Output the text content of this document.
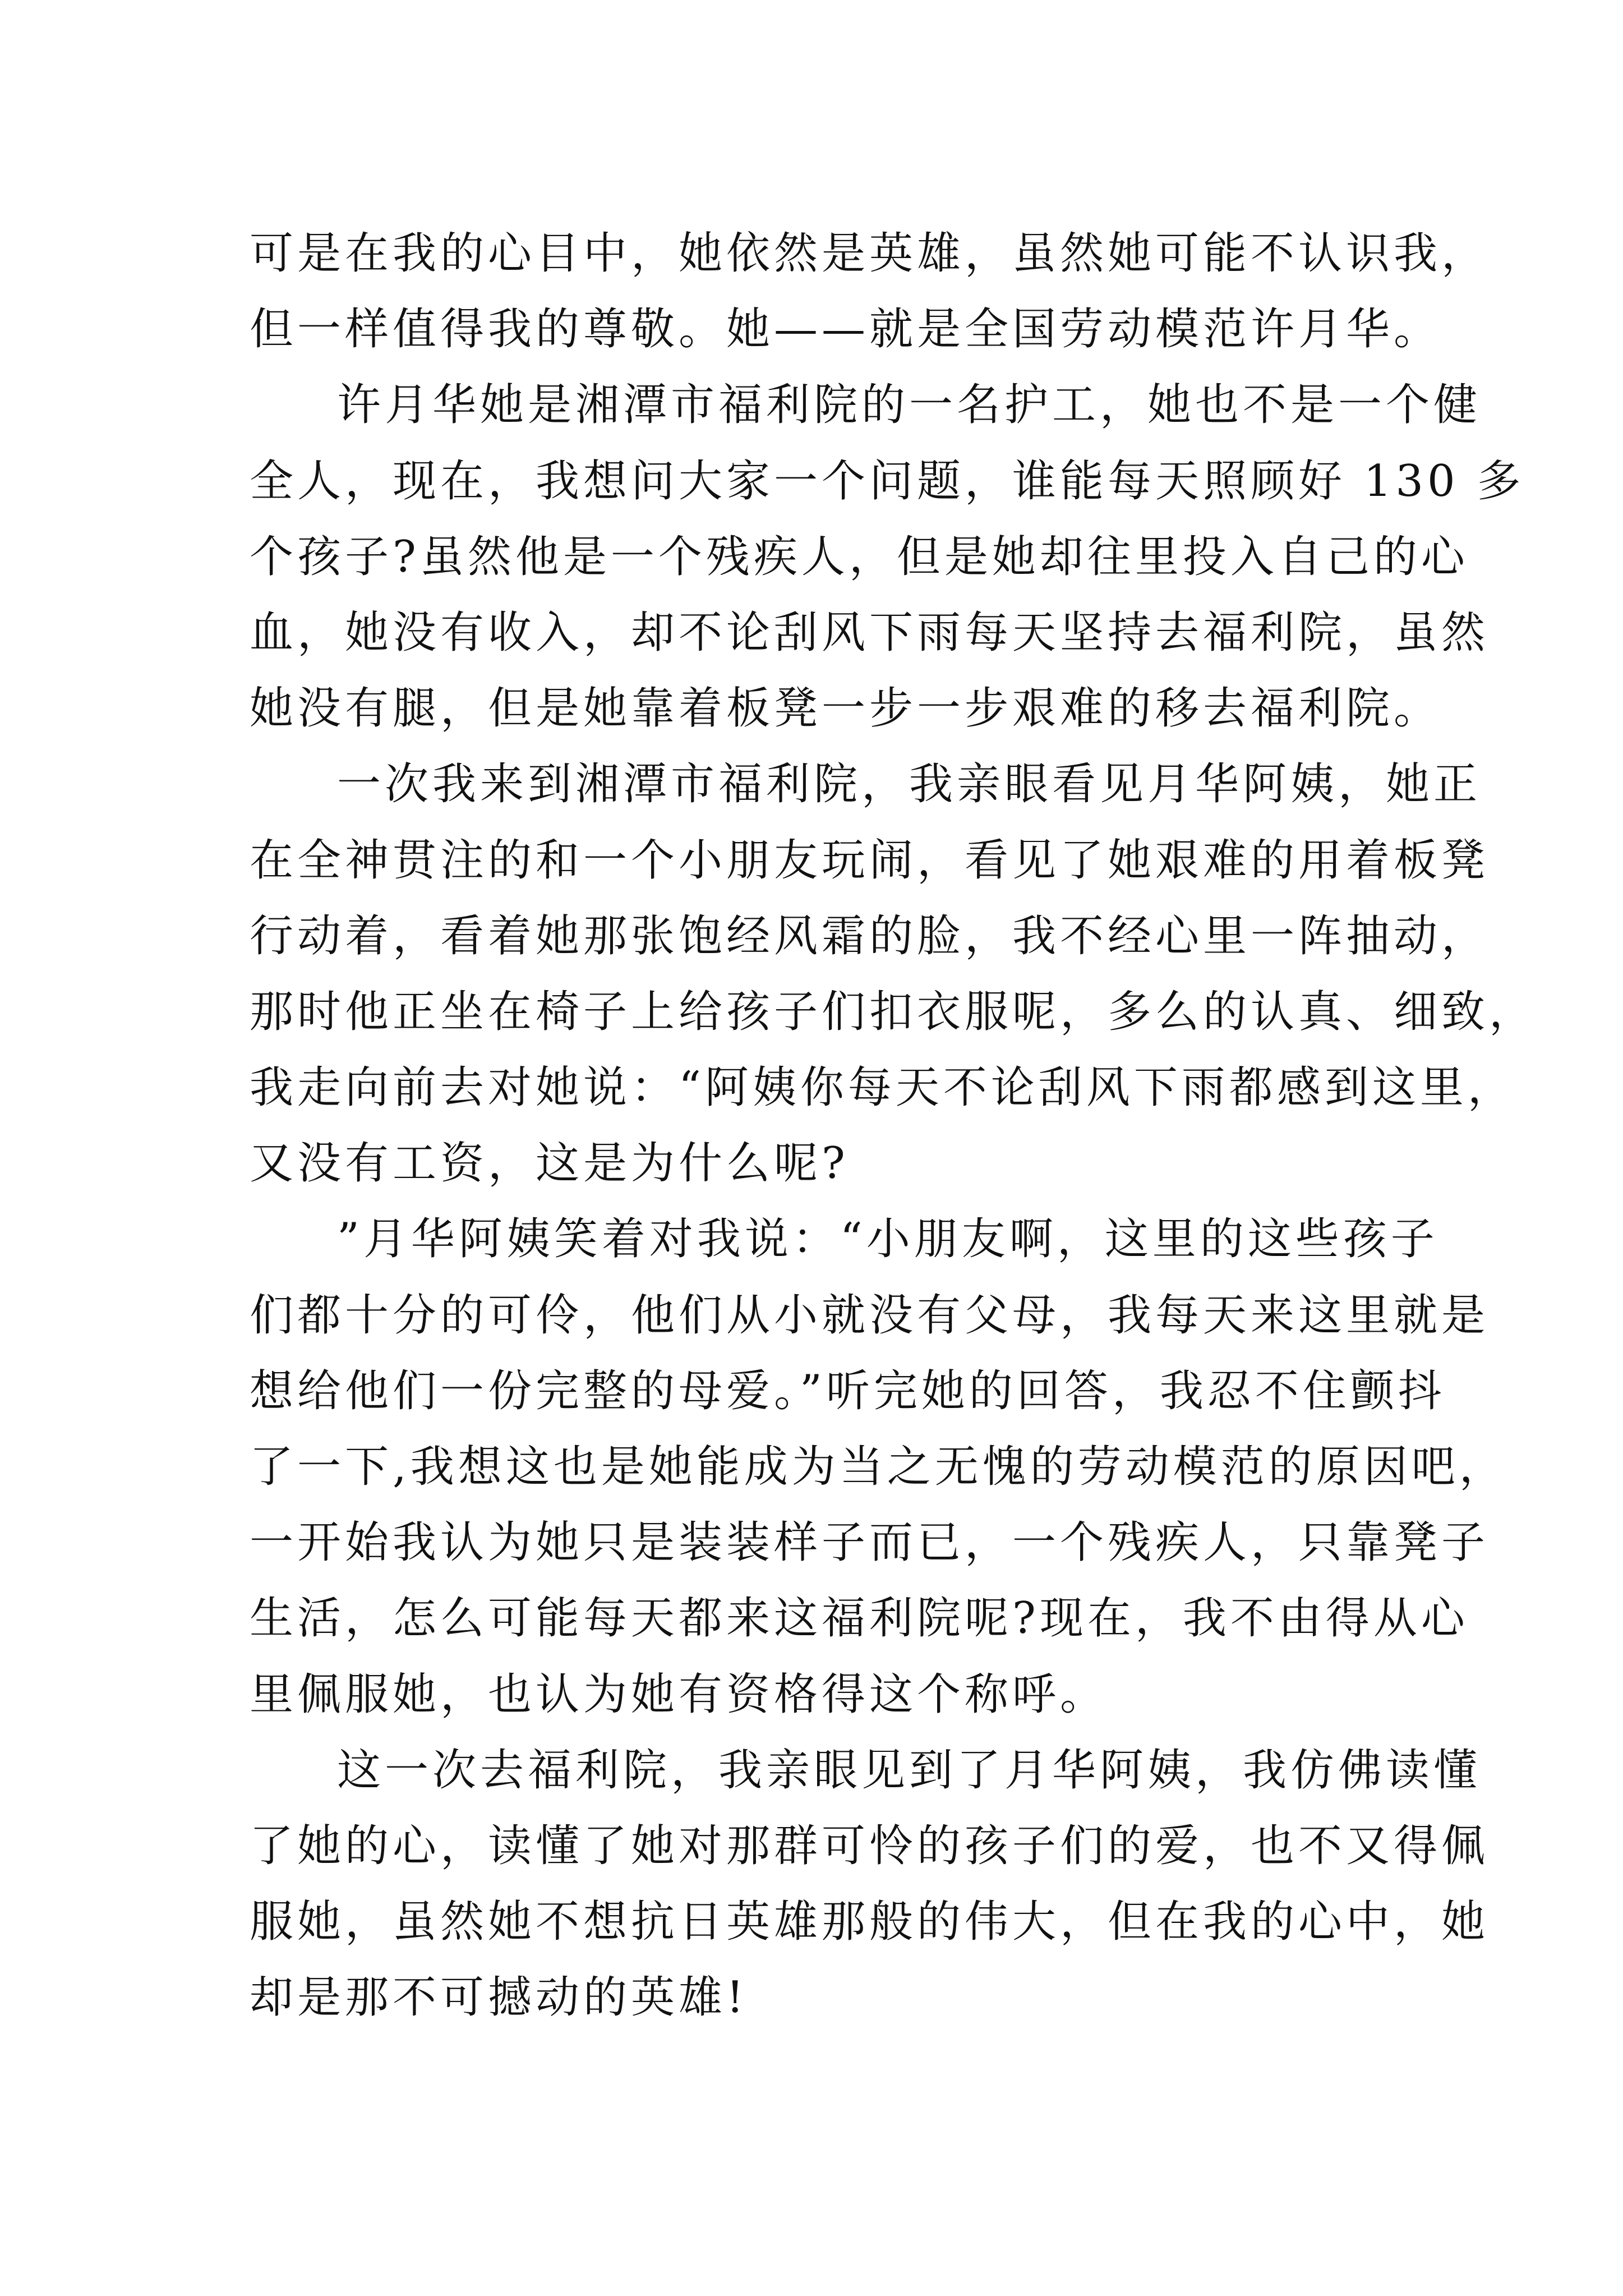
可是在我的心目中，她依然是英雄，虽然她可能不认识我，
但一样值得我的尊敬。她——就是全国劳动模范许月华。
许月华她是湘潭市福利院的一名护工，她也不是一个健
全人，现在，我想问大家一个问题，谁能每天照顾好 130 多
个孩子?虽然他是一个残疾人，但是她却往里投入自己的心
血，她没有收入，却不论刮风下雨每天坚持去福利院，虽然
她没有腿，但是她靠着板凳一步一步艰难的移去福利院。
一次我来到湘潭市福利院，我亲眼看见月华阿姨，她正
在全神贯注的和一个小朋友玩闹，看见了她艰难的用着板凳
行动着，看着她那张饱经风霜的脸，我不经心里一阵抽动，
那时他正坐在椅子上给孩子们扣衣服呢，多么的认真、细致，
我走向前去对她说：“阿姨你每天不论刮风下雨都感到这里，
又没有工资，这是为什么呢?
”月华阿姨笑着对我说：“小朋友啊，这里的这些孩子
们都十分的可伶，他们从小就没有父母，我每天来这里就是
想给他们一份完整的母爱。”听完她的回答，我忍不住颤抖
了一下,我想这也是她能成为当之无愧的劳动模范的原因吧，
一开始我认为她只是装装样子而已，一个残疾人，只靠凳子
生活，怎么可能每天都来这福利院呢?现在，我不由得从心
里佩服她，也认为她有资格得这个称呼。
这一次去福利院，我亲眼见到了月华阿姨，我仿佛读懂
了她的心，读懂了她对那群可怜的孩子们的爱，也不又得佩
服她，虽然她不想抗日英雄那般的伟大，但在我的心中，她
却是那不可撼动的英雄!
